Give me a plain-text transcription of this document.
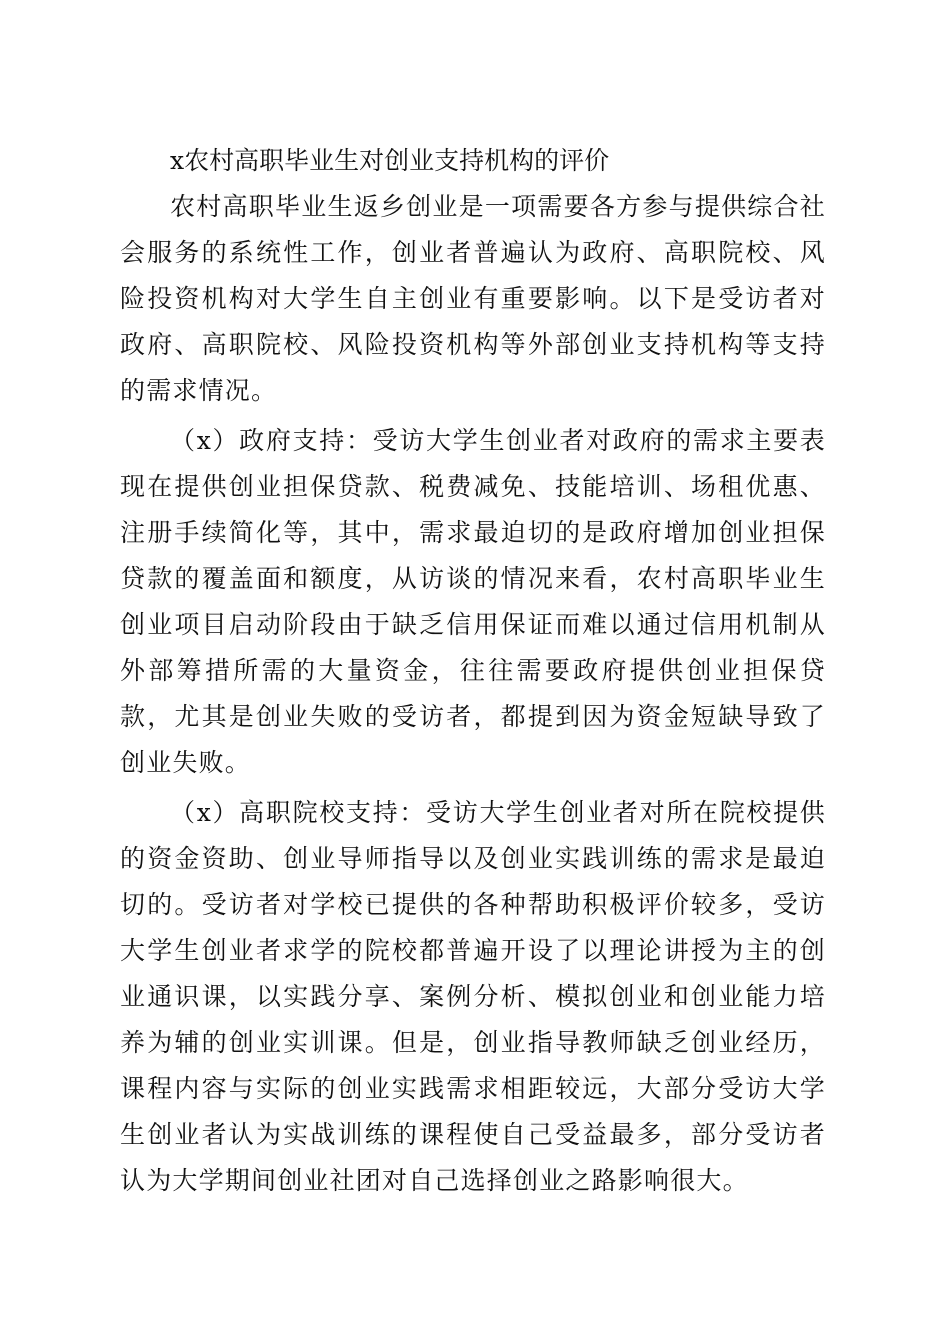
x农村高职毕业生对创业支持机构的评价

农村高职毕业生返乡创业是一项需要各方参与提供综合社会服务的系统性工作，创业者普遍认为政府、高职院校、风险投资机构对大学生自主创业有重要影响。以下是受访者对政府、高职院校、风险投资机构等外部创业支持机构等支持的需求情况。

（x）政府支持：受访大学生创业者对政府的需求主要表现在提供创业担保贷款、税费减免、技能培训、场租优惠、注册手续简化等，其中，需求最迫切的是政府增加创业担保贷款的覆盖面和额度，从访谈的情况来看，农村高职毕业生创业项目启动阶段由于缺乏信用保证而难以通过信用机制从外部筹措所需的大量资金，往往需要政府提供创业担保贷款，尤其是创业失败的受访者，都提到因为资金短缺导致了创业失败。

（x）高职院校支持：受访大学生创业者对所在院校提供的资金资助、创业导师指导以及创业实践训练的需求是最迫切的。受访者对学校已提供的各种帮助积极评价较多，受访大学生创业者求学的院校都普遍开设了以理论讲授为主的创业通识课，以实践分享、案例分析、模拟创业和创业能力培养为辅的创业实训课。但是，创业指导教师缺乏创业经历，课程内容与实际的创业实践需求相距较远，大部分受访大学生创业者认为实战训练的课程使自己受益最多，部分受访者认为大学期间创业社团对自己选择创业之路影响很大。
